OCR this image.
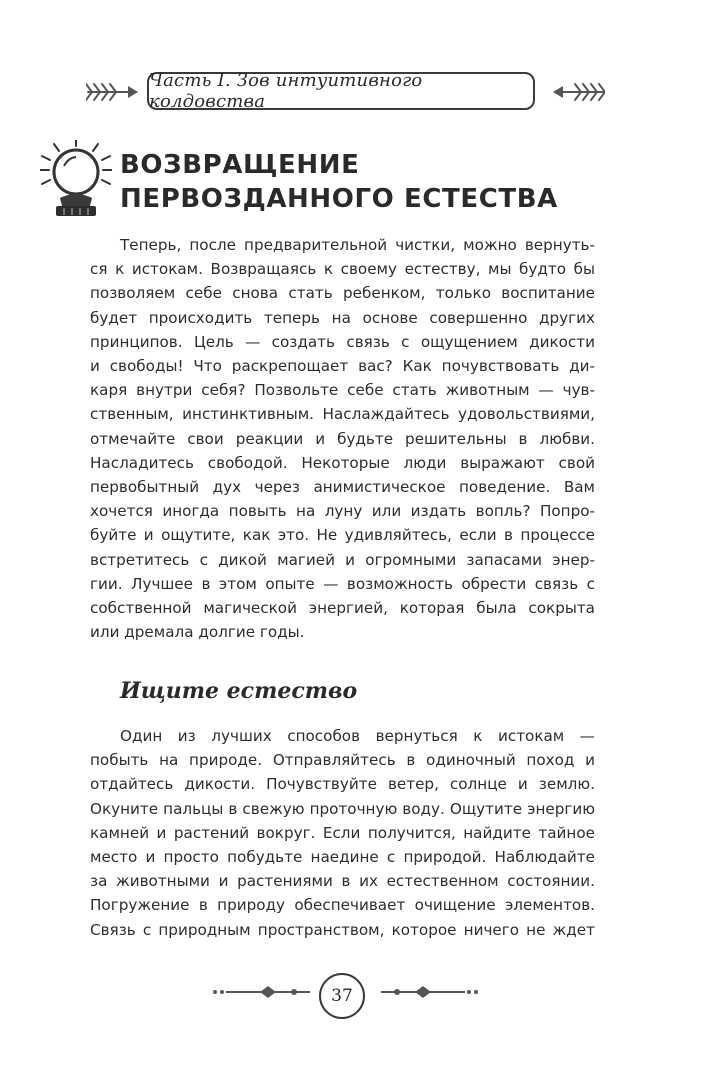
Часть I. Зов интуитивного колдовства
ВОЗВРАЩЕНИЕ
ПЕРВОЗДАННОГО ЕСТЕСТВА
Теперь, после предварительной чистки, можно вернуть-
ся к истокам. Возвращаясь к своему естеству, мы будто бы
позволяем себе снова стать ребенком, только воспитание
будет происходить теперь на основе совершенно других
принципов. Цель — создать связь с ощущением дикости
и свободы! Что раскрепощает вас? Как почувствовать ди-
каря внутри себя? Позвольте себе стать животным — чув-
ственным, инстинктивным. Наслаждайтесь удовольствиями,
отмечайте свои реакции и будьте решительны в любви.
Насладитесь свободой. Некоторые люди выражают свой
первобытный дух через анимистическое поведение. Вам
хочется иногда повыть на луну или издать вопль? Попро-
буйте и ощутите, как это. Не удивляйтесь, если в процессе
встретитесь с дикой магией и огромными запасами энер-
гии. Лучшее в этом опыте — возможность обрести связь с
собственной магической энергией, которая была сокрыта
или дремала долгие годы.
Ищите естество
Один из лучших способов вернуться к истокам —
побыть на природе. Отправляйтесь в одиночный поход и
отдайтесь дикости. Почувствуйте ветер, солнце и землю.
Окуните пальцы в свежую проточную воду. Ощутите энергию
камней и растений вокруг. Если получится, найдите тайное
место и просто побудьте наедине с природой. Наблюдайте
за животными и растениями в их естественном состоянии.
Погружение в природу обеспечивает очищение элементов.
Связь с природным пространством, которое ничего не ждет
37
